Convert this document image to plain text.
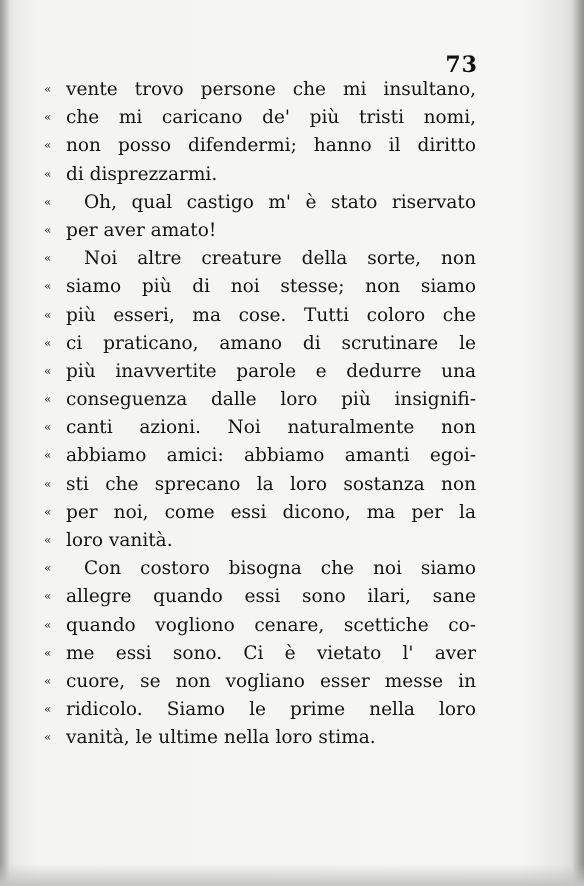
73
« vente trovo persone che mi insultano,
« che mi caricano de' più tristi nomi,
« non posso difendermi; hanno il diritto
« di disprezzarmi.
« Oh, qual castigo m' è stato riservato
« per aver amato!
« Noi altre creature della sorte, non
« siamo più di noi stesse; non siamo
« più esseri, ma cose. Tutti coloro che
« ci praticano, amano di scrutinare le
« più inavvertite parole e dedurre una
« conseguenza dalle loro più insignifi-
« canti azioni. Noi naturalmente non
« abbiamo amici: abbiamo amanti egoi-
« sti che sprecano la loro sostanza non
« per noi, come essi dicono, ma per la
« loro vanità.
« Con costoro bisogna che noi siamo
« allegre quando essi sono ilari, sane
« quando vogliono cenare, scettiche co-
« me essi sono. Ci è vietato l' aver
« cuore, se non vogliano esser messe in
« ridicolo. Siamo le prime nella loro
« vanità, le ultime nella loro stima.
